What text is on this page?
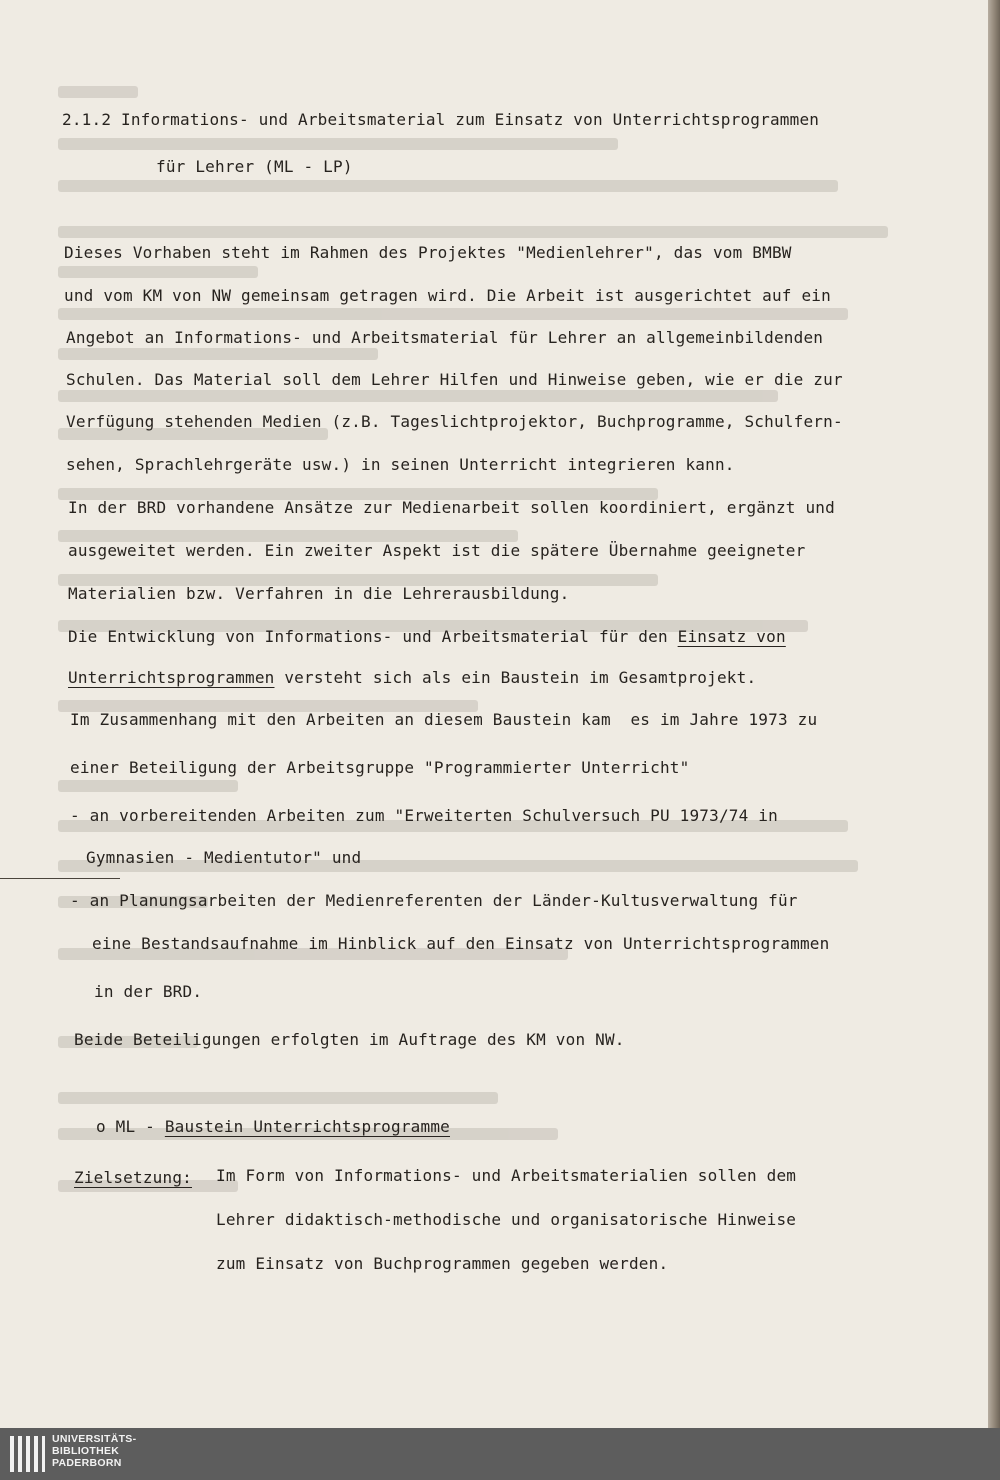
2.1.2 Informations- und Arbeitsmaterial zum Einsatz von Unterrichtsprogrammen
für Lehrer (ML - LP)
Dieses Vorhaben steht im Rahmen des Projektes "Medienlehrer", das vom BMBW
und vom KM von NW gemeinsam getragen wird. Die Arbeit ist ausgerichtet auf ein
Angebot an Informations- und Arbeitsmaterial für Lehrer an allgemeinbildenden
Schulen. Das Material soll dem Lehrer Hilfen und Hinweise geben, wie er die zur
Verfügung stehenden Medien (z.B. Tageslichtprojektor, Buchprogramme, Schulfern-
sehen, Sprachlehrgeräte usw.) in seinen Unterricht integrieren kann.
In der BRD vorhandene Ansätze zur Medienarbeit sollen koordiniert, ergänzt und
ausgeweitet werden. Ein zweiter Aspekt ist die spätere Übernahme geeigneter
Materialien bzw. Verfahren in die Lehrerausbildung.
Die Entwicklung von Informations- und Arbeitsmaterial für den Einsatz von
Unterrichtsprogrammen versteht sich als ein Baustein im Gesamtprojekt.
Im Zusammenhang mit den Arbeiten an diesem Baustein kam  es im Jahre 1973 zu
einer Beteiligung der Arbeitsgruppe "Programmierter Unterricht"
- an vorbereitenden Arbeiten zum "Erweiterten Schulversuch PU 1973/74 in
Gymnasien - Medientutor" und
- an Planungsarbeiten der Medienreferenten der Länder-Kultusverwaltung für
eine Bestandsaufnahme im Hinblick auf den Einsatz von Unterrichtsprogrammen
in der BRD.
Beide Beteiligungen erfolgten im Auftrage des KM von NW.
o ML - Baustein Unterrichtsprogramme
Zielsetzung: Im Form von Informations- und Arbeitsmaterialien sollen dem
Lehrer didaktisch-methodische und organisatorische Hinweise
zum Einsatz von Buchprogrammen gegeben werden.
UNIVERSITÄTS-
BIBLIOTHEK
PADERBORN
